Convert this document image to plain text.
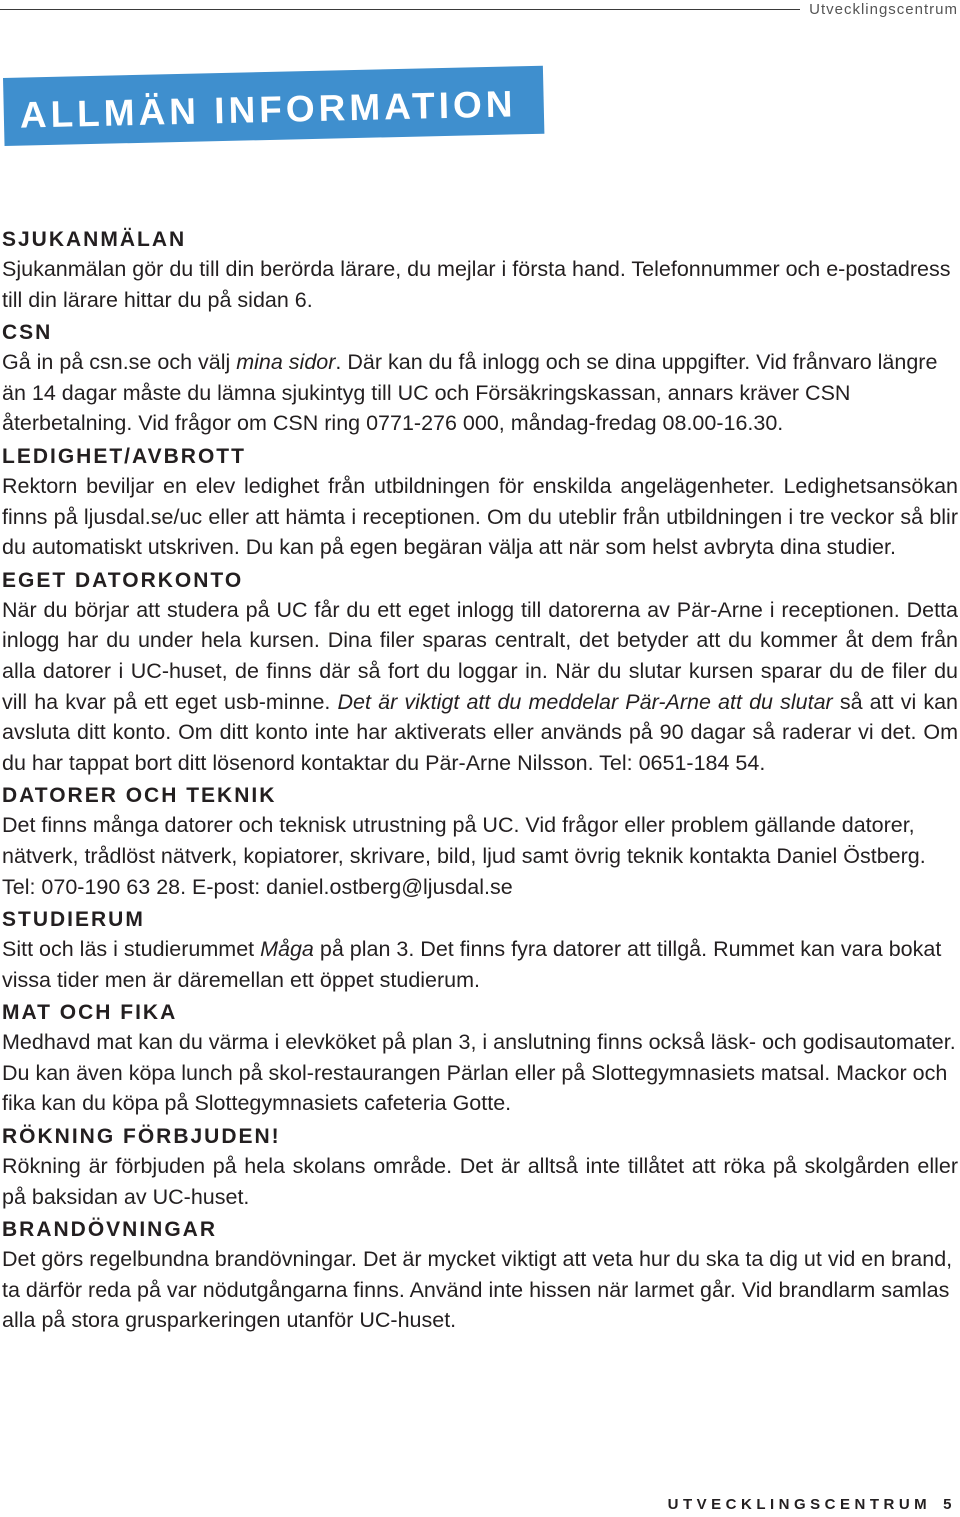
Utvecklingscentrum
ALLMÄN INFORMATION
SJUKANMÄLAN

Sjukanmälan gör du till din berörda lärare, du mejlar i första hand. Telefonnummer och e-postadress till din lärare hittar du på sidan 6.

CSN

Gå in på csn.se och välj mina sidor. Där kan du få inlogg och se dina uppgifter. Vid frånvaro längre än 14 dagar måste du lämna sjukintyg till UC och Försäkringskassan, annars kräver CSN återbetalning. Vid frågor om CSN ring 0771-276 000, måndag-fredag 08.00-16.30.

LEDIGHET/AVBROTT

Rektorn beviljar en elev ledighet från utbildningen för enskilda angelägenheter. Ledighetsansökan finns på ljusdal.se/uc eller att hämta i receptionen. Om du uteblir från utbildningen i tre veckor så blir du automatiskt utskriven. Du kan på egen begäran välja att när som helst avbryta dina studier.

EGET DATORKONTO

När du börjar att studera på UC får du ett eget inlogg till datorerna av Pär-Arne i receptionen. Detta inlogg har du under hela kursen. Dina filer sparas centralt, det betyder att du kommer åt dem från alla datorer i UC-huset, de finns där så fort du loggar in. När du slutar kursen sparar du de filer du vill ha kvar på ett eget usb-minne. Det är viktigt att du meddelar Pär-Arne att du slutar så att vi kan avsluta ditt konto. Om ditt konto inte har aktiverats eller används på 90 dagar så raderar vi det. Om du har tappat bort ditt lösenord kontaktar du Pär-Arne Nilsson. Tel: 0651-184 54.

DATORER OCH TEKNIK

Det finns många datorer och teknisk utrustning på UC. Vid frågor eller problem gällande datorer, nätverk, trådlöst nätverk, kopiatorer, skrivare, bild, ljud samt övrig teknik kontakta Daniel Östberg. Tel: 070-190 63 28. E-post: daniel.ostberg@ljusdal.se

STUDIERUM

Sitt och läs i studierummet Måga på plan 3. Det finns fyra datorer att tillgå. Rummet kan vara bokat vissa tider men är däremellan ett öppet studierum.

MAT OCH FIKA

Medhavd mat kan du värma i elevköket på plan 3, i anslutning finns också läsk- och godisautomater. Du kan även köpa lunch på skol-restaurangen Pärlan eller på Slottegymnasiets matsal. Mackor och fika kan du köpa på Slottegymnasiets cafeteria Gotte.

RÖKNING FÖRBJUDEN!

Rökning är förbjuden på hela skolans område. Det är alltså inte tillåtet att röka på skolgården eller på baksidan av UC-huset.

BRANDÖVNINGAR

Det görs regelbundna brandövningar. Det är mycket viktigt att veta hur du ska ta dig ut vid en brand, ta därför reda på var nödutgångarna finns. Använd inte hissen när larmet går. Vid brandlarm samlas alla på stora grusparkeringen utanför UC-huset.

UTVECKLINGSCENTRUM 5
